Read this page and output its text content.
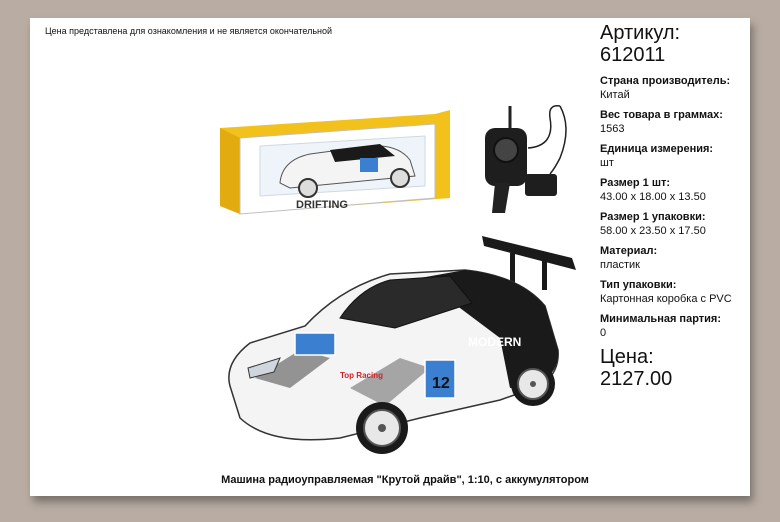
Цена представлена для ознакомления и не является окончательной
DRIFTING
12
MODERN
Top Racing
Артикул:
612011
Страна производитель:
Китай
Вес товара в граммах:
1563
Единица измерения:
шт
Размер 1 шт:
43.00 x 18.00 x 13.50
Размер 1 упаковки:
58.00 x 23.50 x 17.50
Материал:
пластик
Тип упаковки:
Картонная коробка с PVC
Минимальная партия:
0
Цена:
2127.00
Машина радиоуправляемая "Крутой драйв", 1:10, с аккумулятором
